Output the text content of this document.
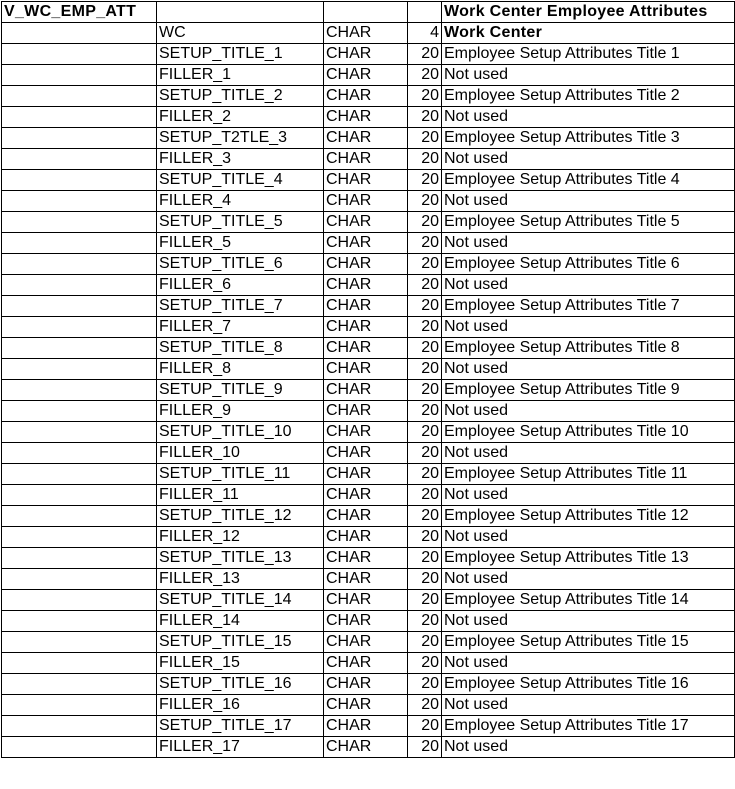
V_WC_EMP_ATT				Work Center Employee Attributes
	WC	CHAR	4	Work Center
	SETUP_TITLE_1	CHAR	20	Employee Setup Attributes Title 1
	FILLER_1	CHAR	20	Not used
	SETUP_TITLE_2	CHAR	20	Employee Setup Attributes Title 2
	FILLER_2	CHAR	20	Not used
	SETUP_T2TLE_3	CHAR	20	Employee Setup Attributes Title 3
	FILLER_3	CHAR	20	Not used
	SETUP_TITLE_4	CHAR	20	Employee Setup Attributes Title 4
	FILLER_4	CHAR	20	Not used
	SETUP_TITLE_5	CHAR	20	Employee Setup Attributes Title 5
	FILLER_5	CHAR	20	Not used
	SETUP_TITLE_6	CHAR	20	Employee Setup Attributes Title 6
	FILLER_6	CHAR	20	Not used
	SETUP_TITLE_7	CHAR	20	Employee Setup Attributes Title 7
	FILLER_7	CHAR	20	Not used
	SETUP_TITLE_8	CHAR	20	Employee Setup Attributes Title 8
	FILLER_8	CHAR	20	Not used
	SETUP_TITLE_9	CHAR	20	Employee Setup Attributes Title 9
	FILLER_9	CHAR	20	Not used
	SETUP_TITLE_10	CHAR	20	Employee Setup Attributes Title 10
	FILLER_10	CHAR	20	Not used
	SETUP_TITLE_11	CHAR	20	Employee Setup Attributes Title 11
	FILLER_11	CHAR	20	Not used
	SETUP_TITLE_12	CHAR	20	Employee Setup Attributes Title 12
	FILLER_12	CHAR	20	Not used
	SETUP_TITLE_13	CHAR	20	Employee Setup Attributes Title 13
	FILLER_13	CHAR	20	Not used
	SETUP_TITLE_14	CHAR	20	Employee Setup Attributes Title 14
	FILLER_14	CHAR	20	Not used
	SETUP_TITLE_15	CHAR	20	Employee Setup Attributes Title 15
	FILLER_15	CHAR	20	Not used
	SETUP_TITLE_16	CHAR	20	Employee Setup Attributes Title 16
	FILLER_16	CHAR	20	Not used
	SETUP_TITLE_17	CHAR	20	Employee Setup Attributes Title 17
	FILLER_17	CHAR	20	Not used
